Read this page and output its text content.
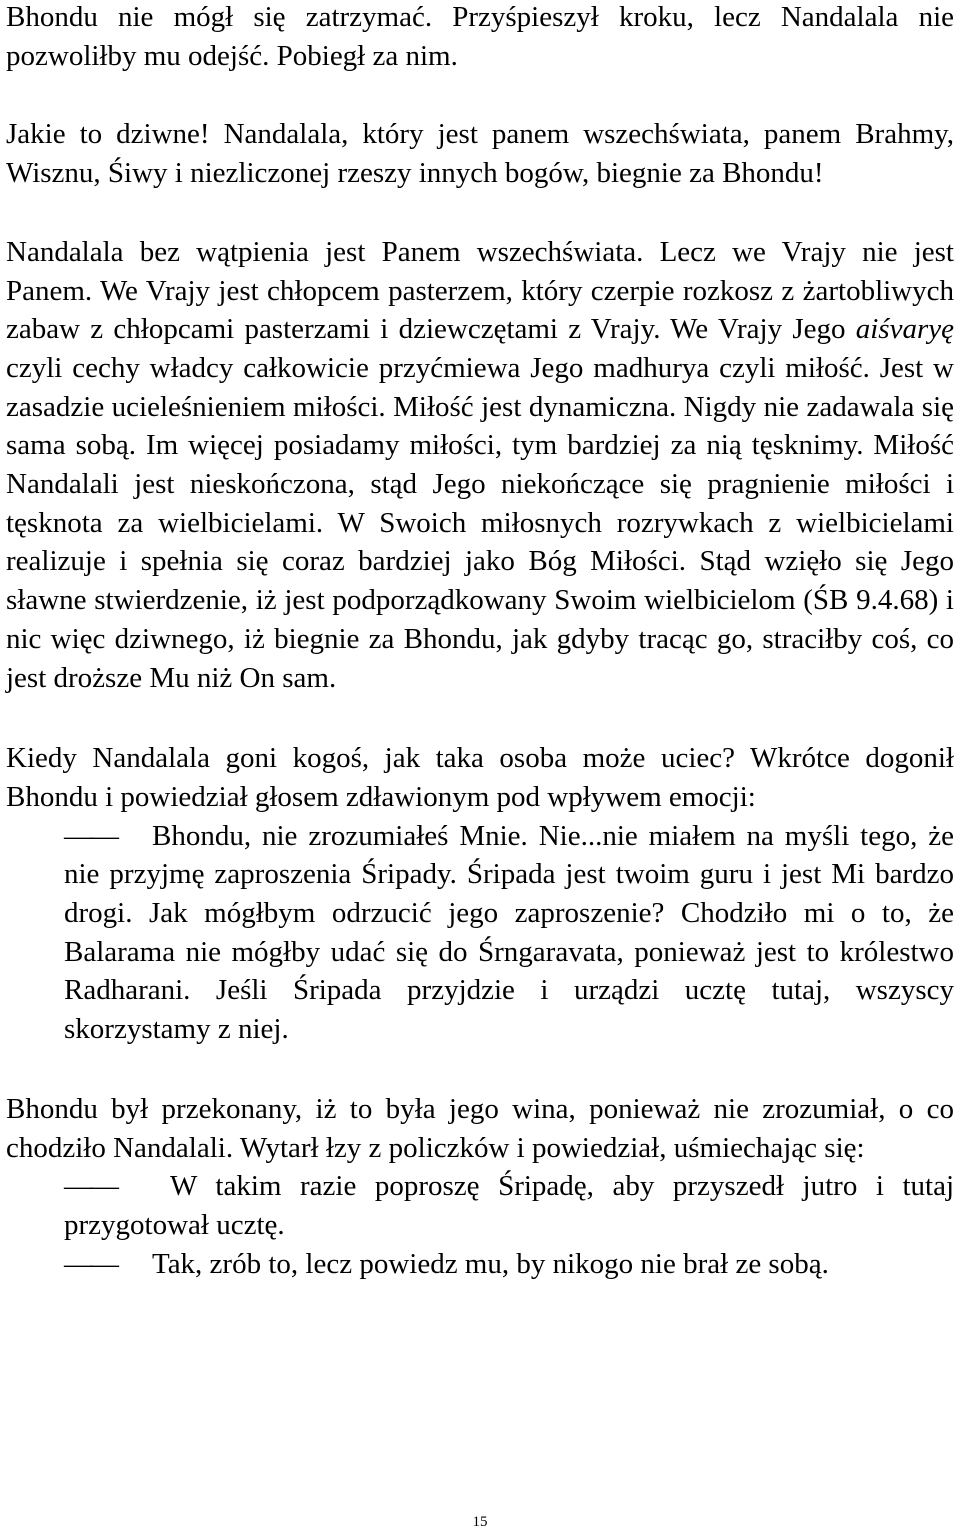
Bhondu nie mógł się zatrzymać. Przyśpieszył kroku, lecz Nandalala nie pozwoliłby mu odejść. Pobiegł za nim.

Jakie to dziwne! Nandalala, który jest panem wszechświata, panem Brahmy, Wisznu, Śiwy i niezliczonej rzeszy innych bogów, biegnie za Bhondu!

Nandalala bez wątpienia jest Panem wszechświata. Lecz we Vrajy nie jest Panem. We Vrajy jest chłopcem pasterzem, który czerpie rozkosz z żartobliwych zabaw z chłopcami pasterzami i dziewczętami z Vrajy. We Vrajy Jego aiśvaryę czyli cechy władcy całkowicie przyćmiewa Jego madhurya czyli miłość. Jest w zasadzie ucieleśnieniem miłości. Miłość jest dynamiczna. Nigdy nie zadawala się sama sobą. Im więcej posiadamy miłości, tym bardziej za nią tęsknimy. Miłość Nandalali jest nieskończona, stąd Jego niekończące się pragnienie miłości i tęsknota za wielbicielami. W Swoich miłosnych rozrywkach z wielbicielami realizuje i spełnia się coraz bardziej jako Bóg Miłości. Stąd wzięło się Jego sławne stwierdzenie, iż jest podporządkowany Swoim wielbicielom (ŚB 9.4.68) i nic więc dziwnego, iż biegnie za Bhondu, jak gdyby tracąc go, straciłby coś, co jest droższe Mu niż On sam.

Kiedy Nandalala goni kogoś, jak taka osoba może uciec? Wkrótce dogonił Bhondu i powiedział głosem zdławionym pod wpływem emocji:

—— Bhondu, nie zrozumiałeś Mnie. Nie...nie miałem na myśli tego, że nie przyjmę zaproszenia Śripady. Śripada jest twoim guru i jest Mi bardzo drogi. Jak mógłbym odrzucić jego zaproszenie? Chodziło mi o to, że Balarama nie mógłby udać się do Śrngaravata, ponieważ jest to królestwo Radharani. Jeśli Śripada przyjdzie i urządzi ucztę tutaj, wszyscy skorzystamy z niej.

Bhondu był przekonany, iż to była jego wina, ponieważ nie zrozumiał, o co chodziło Nandalali. Wytarł łzy z policzków i powiedział, uśmiechając się:

—— W takim razie poproszę Śripadę, aby przyszedł jutro i tutaj przygotował ucztę.

—— Tak, zrób to, lecz powiedz mu, by nikogo nie brał ze sobą.

15
